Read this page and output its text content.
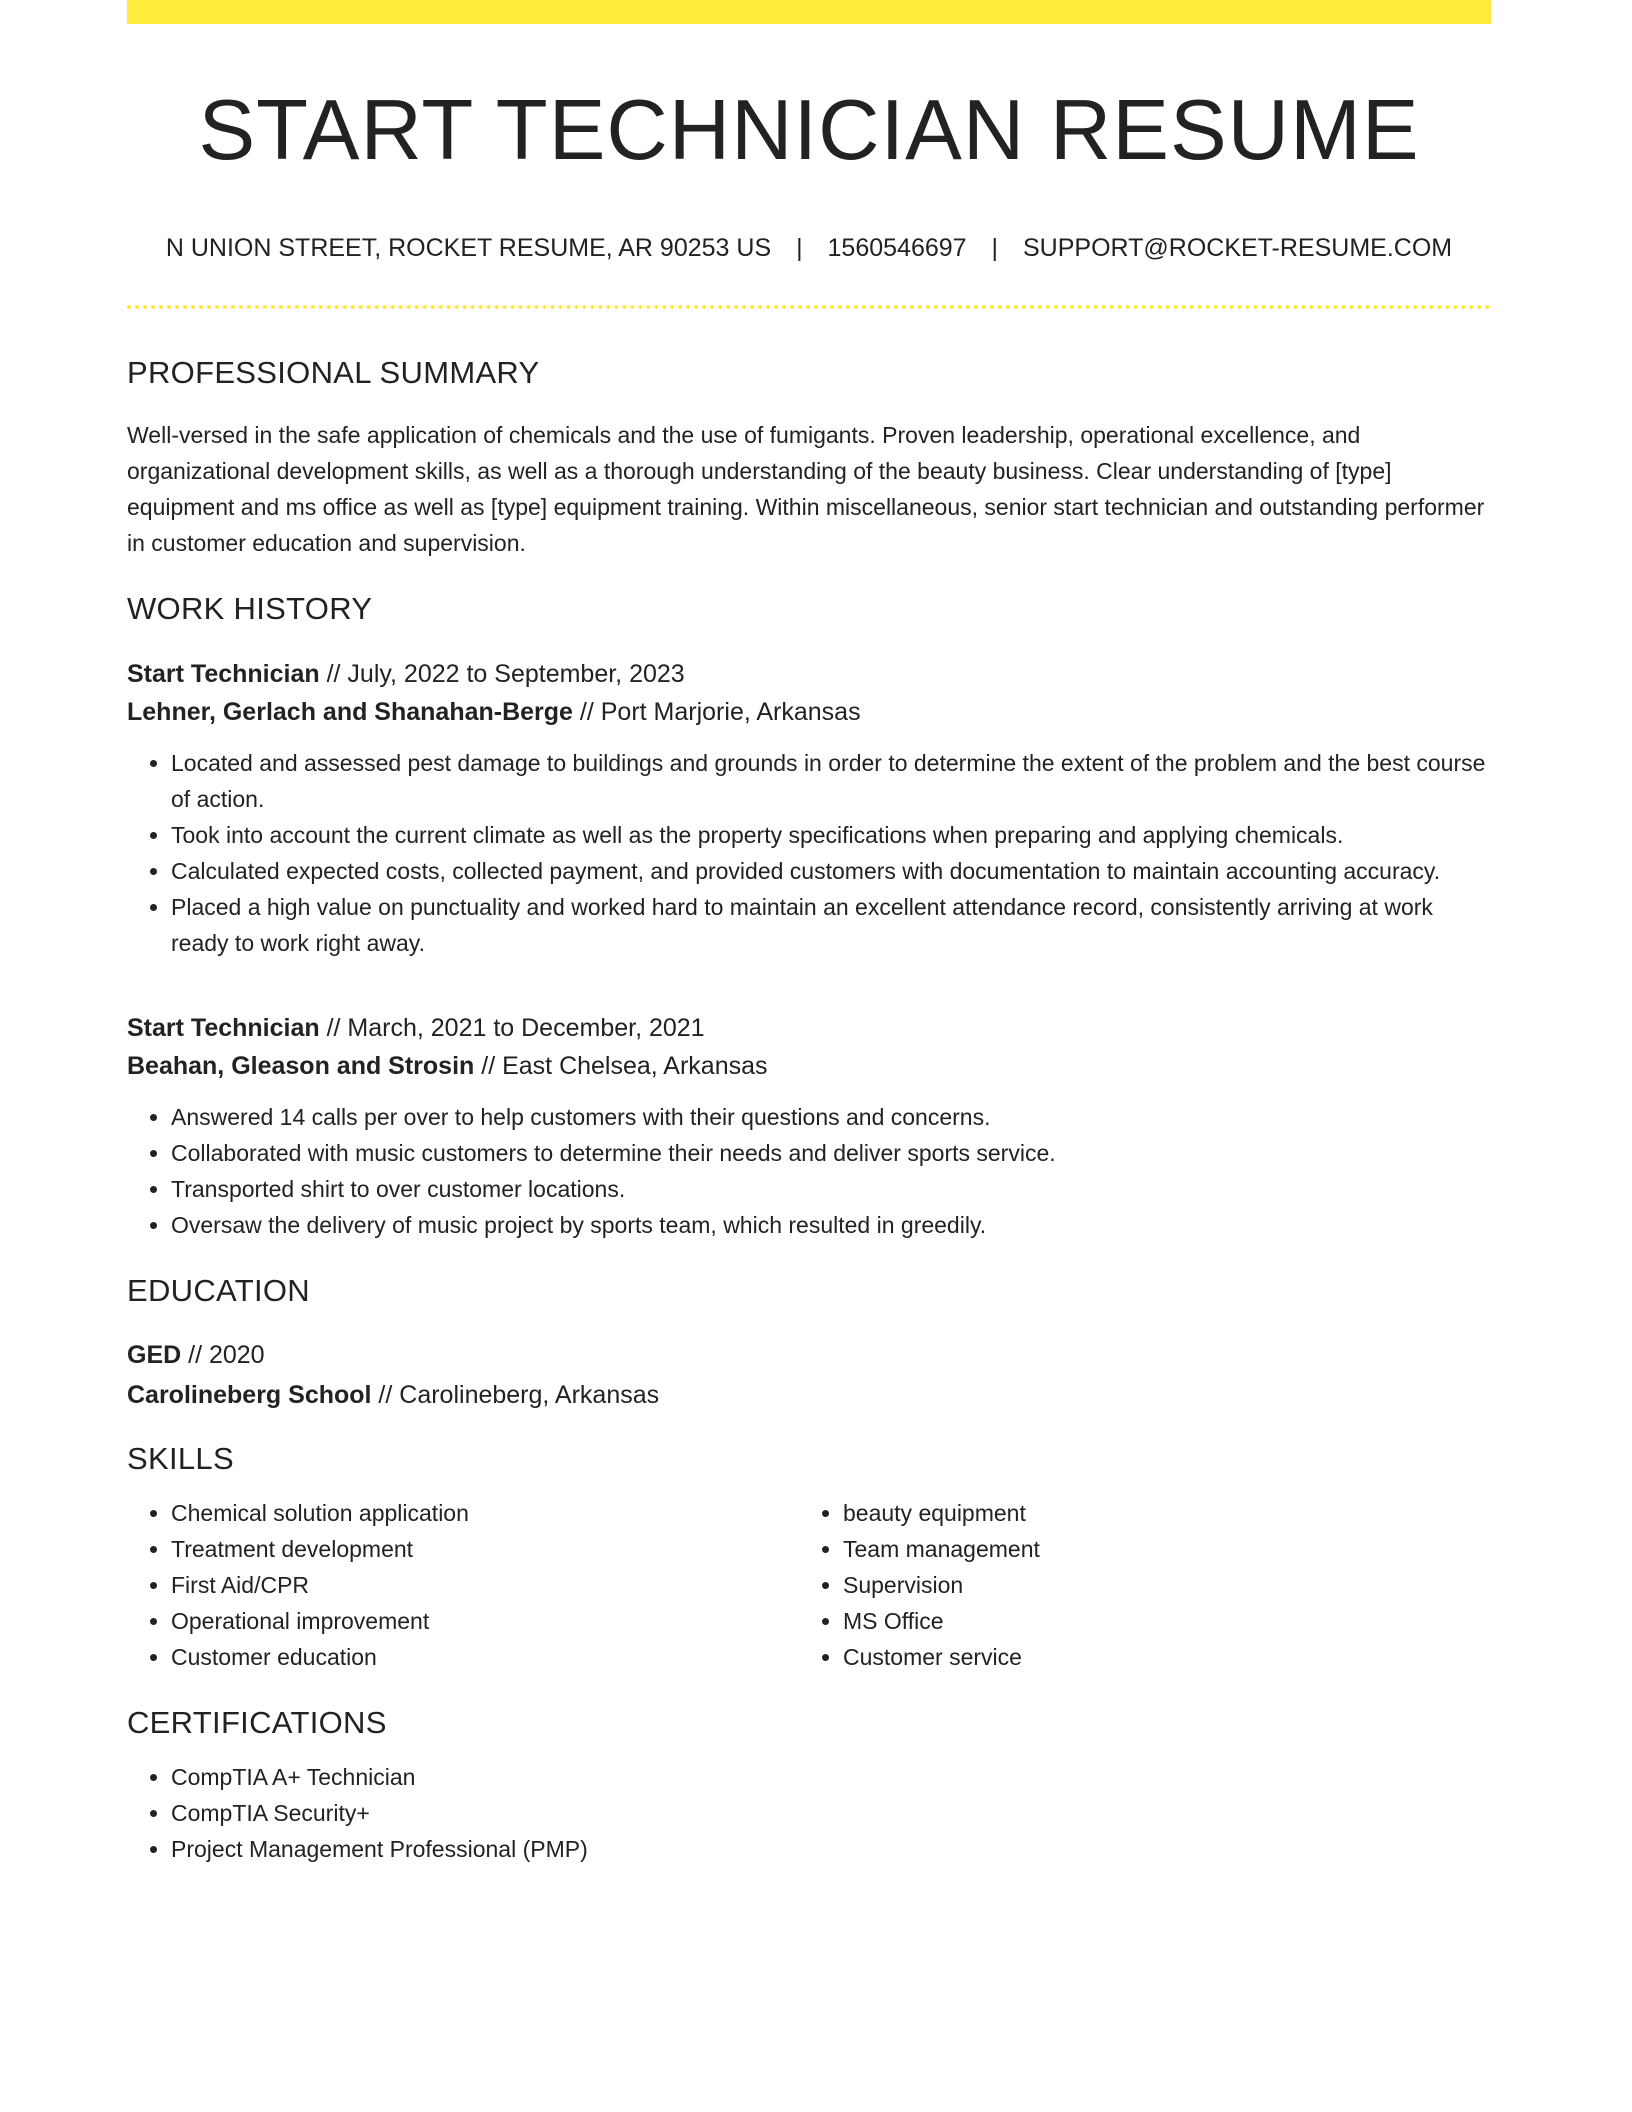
START TECHNICIAN RESUME
N UNION STREET, ROCKET RESUME, AR 90253 US | 1560546697 | SUPPORT@ROCKET-RESUME.COM
PROFESSIONAL SUMMARY

Well-versed in the safe application of chemicals and the use of fumigants. Proven leadership, operational excellence, and organizational development skills, as well as a thorough understanding of the beauty business. Clear understanding of [type] equipment and ms office as well as [type] equipment training. Within miscellaneous, senior start technician and outstanding performer in customer education and supervision.

WORK HISTORY
Start Technician // July, 2022 to September, 2023
Lehner, Gerlach and Shanahan-Berge // Port Marjorie, Arkansas
• Located and assessed pest damage to buildings and grounds in order to determine the extent of the problem and the best course of action.
• Took into account the current climate as well as the property specifications when preparing and applying chemicals.
• Calculated expected costs, collected payment, and provided customers with documentation to maintain accounting accuracy.
• Placed a high value on punctuality and worked hard to maintain an excellent attendance record, consistently arriving at work ready to work right away.
Start Technician // March, 2021 to December, 2021
Beahan, Gleason and Strosin // East Chelsea, Arkansas
• Answered 14 calls per over to help customers with their questions and concerns.
• Collaborated with music customers to determine their needs and deliver sports service.
• Transported shirt to over customer locations.
• Oversaw the delivery of music project by sports team, which resulted in greedily.
EDUCATION
GED // 2020
Carolineberg School // Carolineberg, Arkansas
SKILLS
• Chemical solution application
• Treatment development
• First Aid/CPR
• Operational improvement
• Customer education
• beauty equipment
• Team management
• Supervision
• MS Office
• Customer service
CERTIFICATIONS
• CompTIA A+ Technician
• CompTIA Security+
• Project Management Professional (PMP)
